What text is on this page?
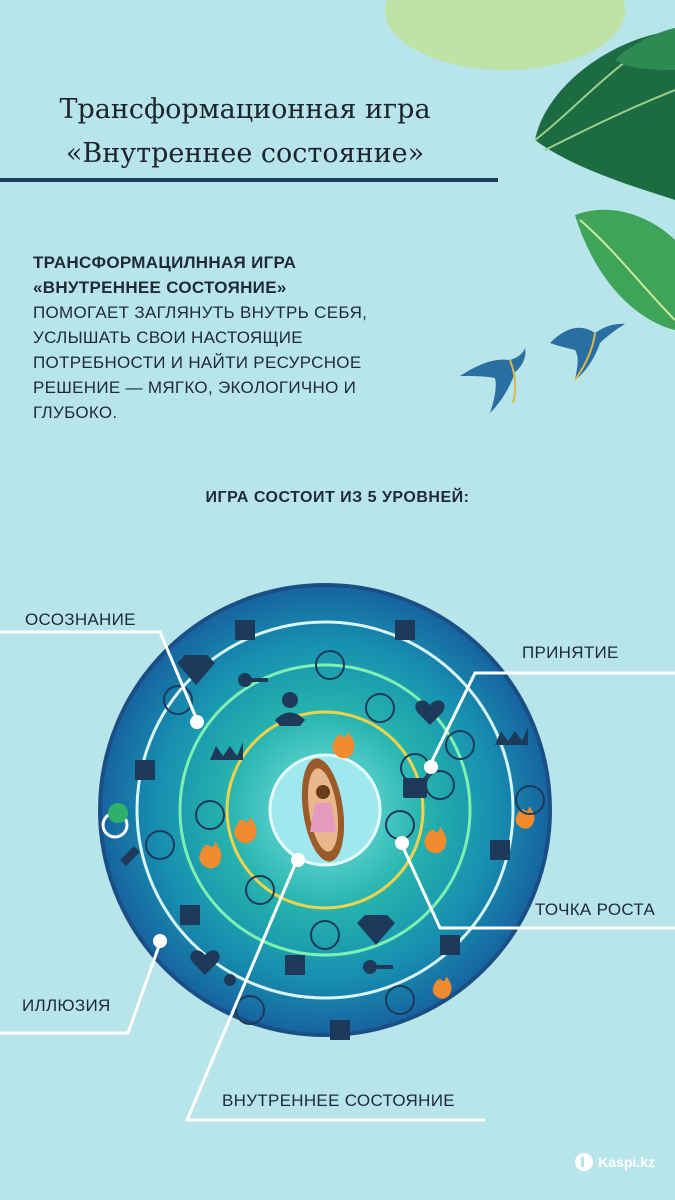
Трансформационная игра
«Внутреннее состояние»
ТРАНСФОРМАЦИЛННАЯ ИГРА
«ВНУТРЕННЕЕ СОСТОЯНИЕ»
ПОМОГАЕТ ЗАГЛЯНУТЬ ВНУТРЬ СЕБЯ, УСЛЫШАТЬ СВОИ НАСТОЯЩИЕ ПОТРЕБНОСТИ И НАЙТИ РЕСУРСНОЕ РЕШЕНИЕ — МЯГКО, ЭКОЛОГИЧНО И ГЛУБОКО.
ИГРА СОСТОИТ ИЗ 5 УРОВНЕЙ:
ОСОЗНАНИЕ
ПРИНЯТИЕ
ТОЧКА РОСТА
ИЛЛЮЗИЯ
ВНУТРЕННЕЕ СОСТОЯНИЕ
Kaspi.kz
